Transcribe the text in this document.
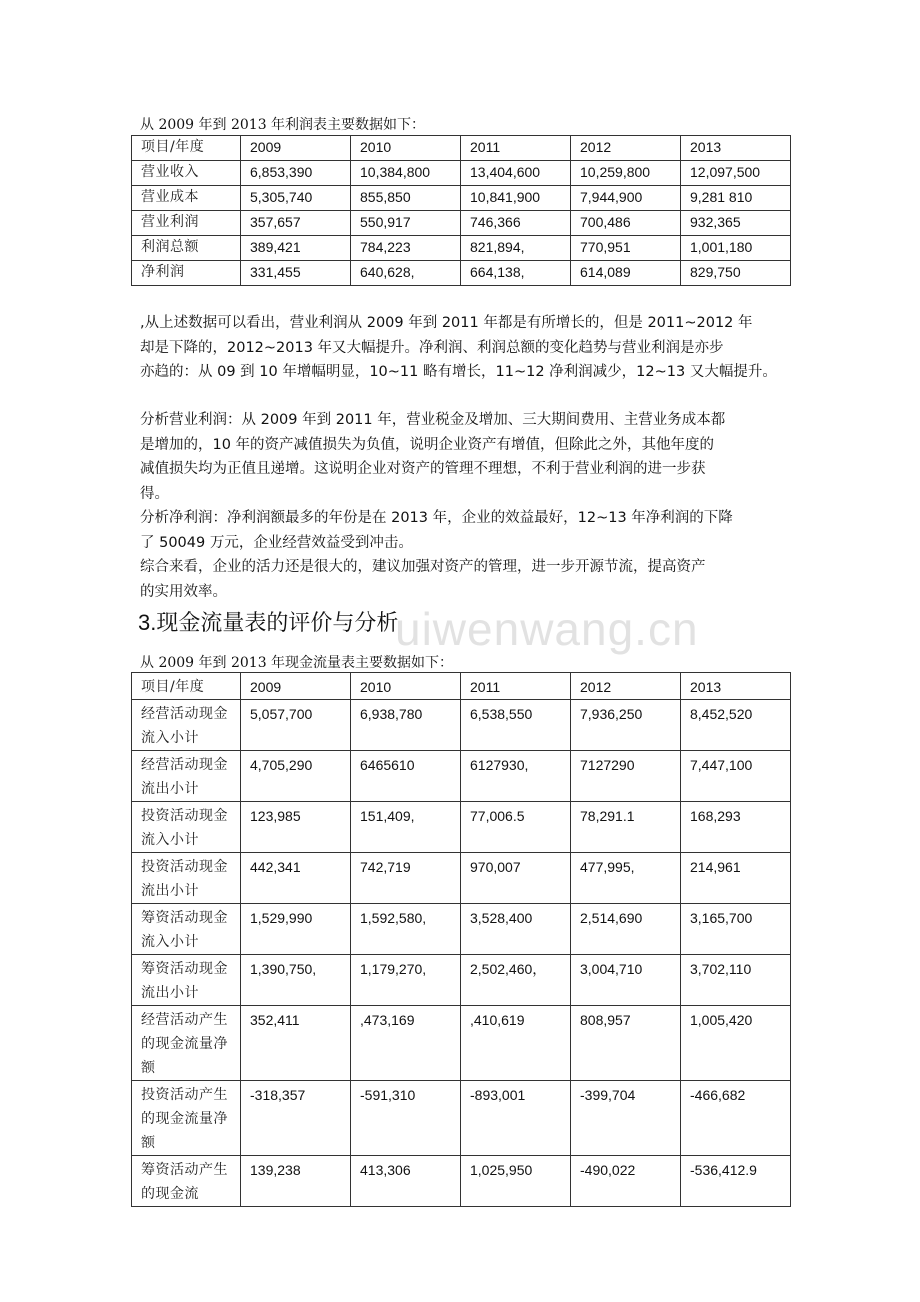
从 2009 年到 2013 年利润表主要数据如下：
项目/年度	2009	2010	2011	2012	2013
营业收入	6,853,390	10,384,800	13,404,600	10,259,800	12,097,500
营业成本	5,305,740	855,850	10,841,900	7,944,900	9,281 810
营业利润	357,657	550,917	746,366	700,486	932,365
利润总额	389,421	784,223	821,894,	770,951	1,001,180
净利润	331,455	640,628,	664,138,	614,089	829,750

,从上述数据可以看出，营业利润从 2009 年到 2011 年都是有所增长的，但是 2011~2012 年

却是下降的，2012~2013 年又大幅提升。净利润、利润总额的变化趋势与营业利润是亦步

亦趋的：从 09 到 10 年增幅明显，10~11 略有增长，11~12 净利润减少，12~13 又大幅提升。

分析营业利润：从 2009 年到 2011 年，营业税金及增加、三大期间费用、主营业务成本都

是增加的，10 年的资产减值损失为负值，说明企业资产有增值，但除此之外，其他年度的

减值损失均为正值且递增。这说明企业对资产的管理不理想，不利于营业利润的进一步获

得。

分析净利润：净利润额最多的年份是在 2013 年，企业的效益最好，12~13 年净利润的下降

了 50049 万元，企业经营效益受到冲击。

综合来看，企业的活力还是很大的，建议加强对资产的管理，进一步开源节流，提高资产

的实用效率。

uiwenwang.cn
3.现金流量表的评价与分析
从 2009 年到 2013 年现金流量表主要数据如下：
项目/年度	2009	2010	2011	2012	2013
经营活动现金流入小计	5,057,700	6,938,780	6,538,550	7,936,250	8,452,520
经营活动现金流出小计	4,705,290	6465610	6127930,	7127290	7,447,100
投资活动现金流入小计	123,985	151,409,	77,006.5	78,291.1	168,293
投资活动现金流出小计	442,341	742,719	970,007	477,995,	214,961
筹资活动现金流入小计	1,529,990	1,592,580,	3,528,400	2,514,690	3,165,700
筹资活动现金流出小计	1,390,750,	1,179,270,	2,502,460，	3,004,710	3,702,110
经营活动产生的现金流量净额	352,411	,473,169	,410,619	808,957	1,005,420
投资活动产生的现金流量净额	-318,357	-591,310	-893,001	-399,704	-466,682
筹资活动产生的现金流	139,238	413,306	1,025,950	-490,022	-536,412.9
